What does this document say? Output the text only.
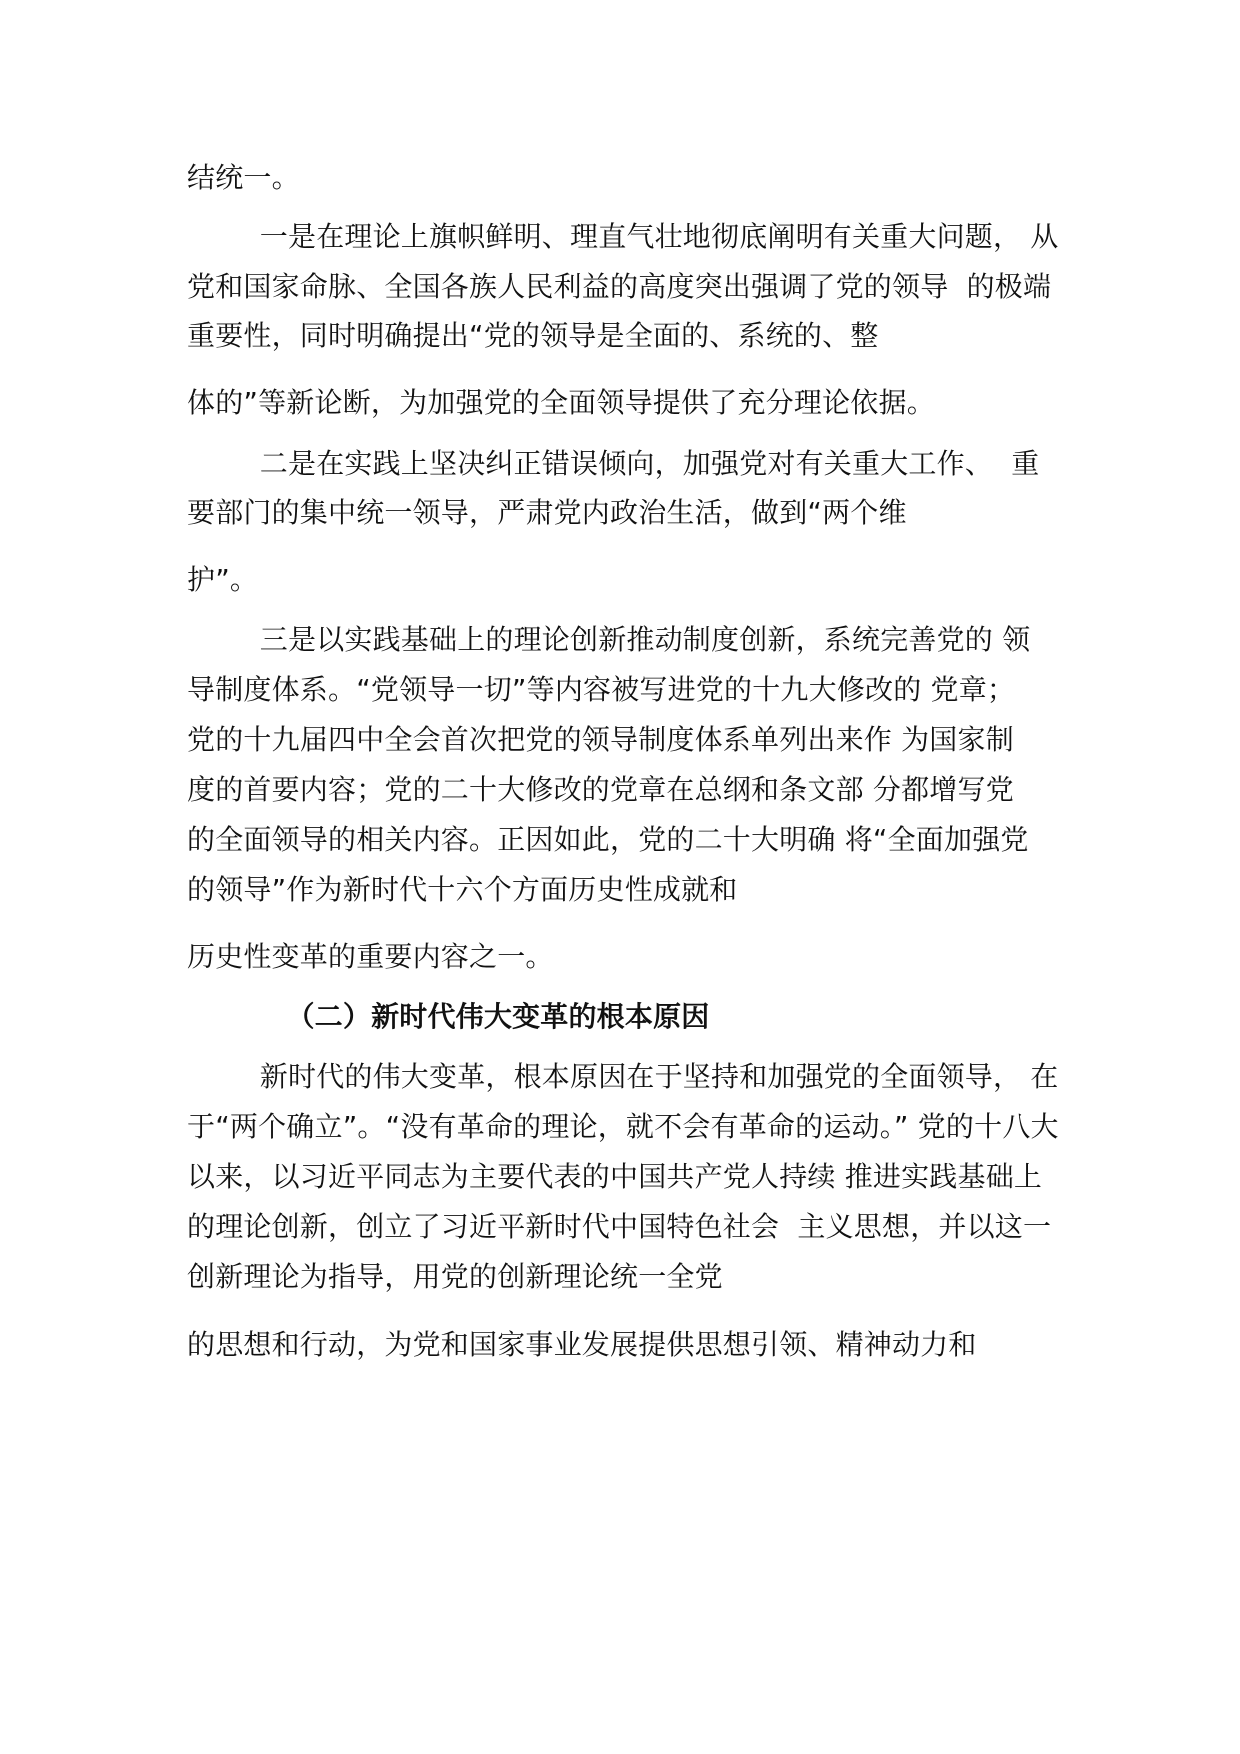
结统一。
一是在理论上旗帜鲜明、理直气壮地彻底阐明有关重大问题， 从
党和国家命脉、全国各族人民利益的高度突出强调了党的领导  的极端
重要性，同时明确提出“党的领导是全面的、系统的、整
体的”等新论断，为加强党的全面领导提供了充分理论依据。
二是在实践上坚决纠正错误倾向，加强党对有关重大工作、  重
要部门的集中统一领导，严肃党内政治生活，做到“两个维
护”。
三是以实践基础上的理论创新推动制度创新，系统完善党的 领
导制度体系。“党领导一切”等内容被写进党的十九大修改的 党章；
党的十九届四中全会首次把党的领导制度体系单列出来作 为国家制
度的首要内容；党的二十大修改的党章在总纲和条文部 分都增写党
的全面领导的相关内容。正因如此，党的二十大明确 将“全面加强党
的领导”作为新时代十六个方面历史性成就和
历史性变革的重要内容之一。
（二）新时代伟大变革的根本原因
新时代的伟大变革，根本原因在于坚持和加强党的全面领导， 在
于“两个确立”。“没有革命的理论，就不会有革命的运动。” 党的十八大
以来，以习近平同志为主要代表的中国共产党人持续 推进实践基础上
的理论创新，创立了习近平新时代中国特色社会  主义思想，并以这一
创新理论为指导，用党的创新理论统一全党
的思想和行动，为党和国家事业发展提供思想引领、精神动力和
